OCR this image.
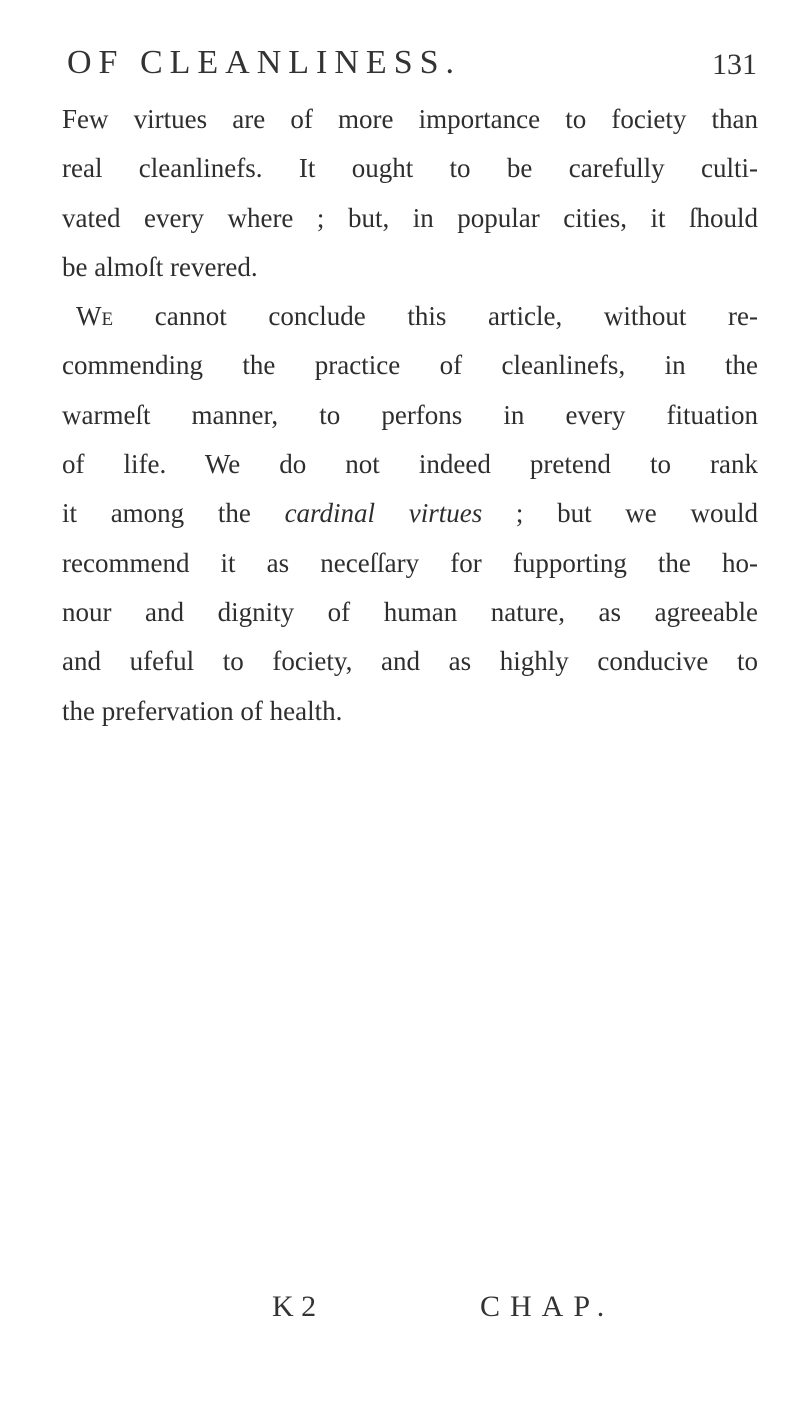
OF CLEANLINESS.	131
Few virtues are of more importance to fociety than
real cleanlinefs. It ought to be carefully culti-
vated every where ; but, in popular cities, it ſhould
be almoſt revered.
We cannot conclude this article, without re-
commending the practice of cleanlinefs, in the
warmeſt manner, to perfons in every fituation
of life. We do not indeed pretend to rank
it among the cardinal virtues ; but we would
recommend it as neceſſary for fupporting the ho-
nour and dignity of human nature, as agreeable
and ufeful to fociety, and as highly conducive to
the prefervation of health.
K 2	CHAP.
